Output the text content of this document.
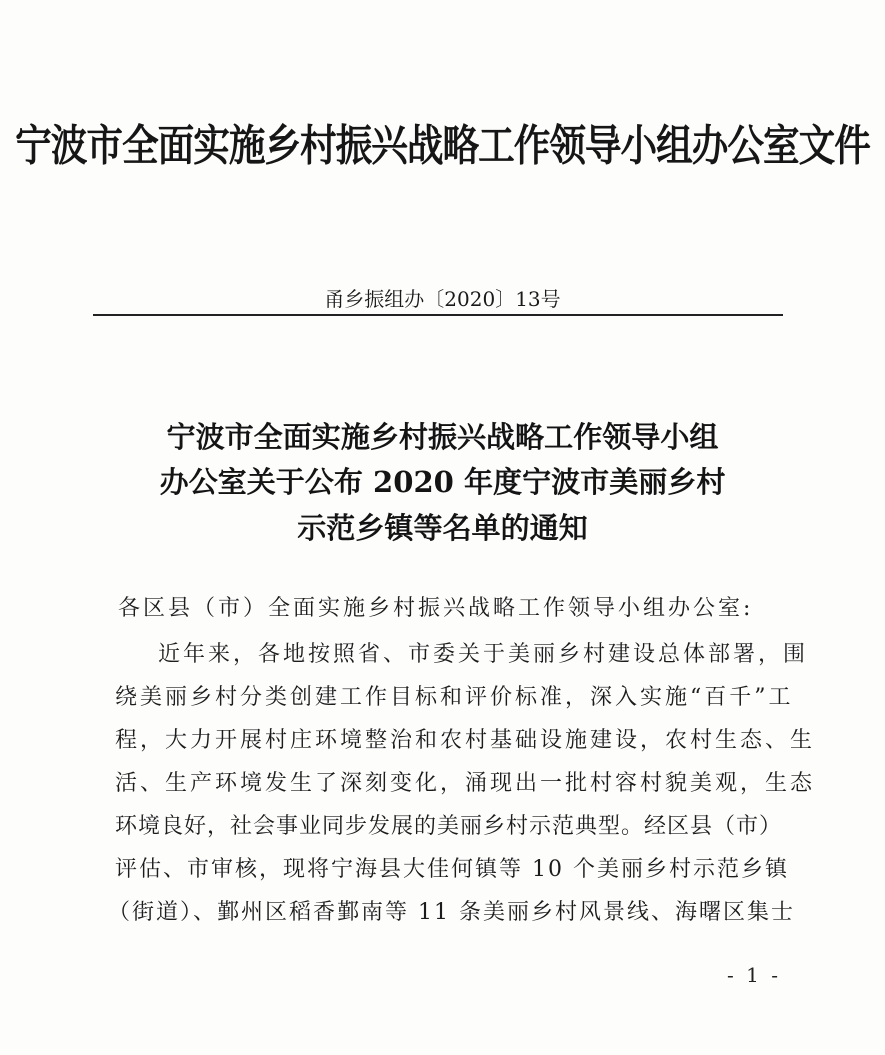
宁波市全面实施乡村振兴战略工作领导小组办公室文件
甬乡振组办〔2020〕13号
宁波市全面实施乡村振兴战略工作领导小组
办公室关于公布 2020 年度宁波市美丽乡村
示范乡镇等名单的通知
各区县（市）全面实施乡村振兴战略工作领导小组办公室:
近年来，各地按照省、市委关于美丽乡村建设总体部署，围
绕美丽乡村分类创建工作目标和评价标准，深入实施“百千”工
程，大力开展村庄环境整治和农村基础设施建设，农村生态、生
活、生产环境发生了深刻变化，涌现出一批村容村貌美观，生态
环境良好，社会事业同步发展的美丽乡村示范典型。经区县（市）
评估、市审核，现将宁海县大佳何镇等 10 个美丽乡村示范乡镇
（街道）、鄞州区稻香鄞南等 11 条美丽乡村风景线、海曙区集士
- 1 -
